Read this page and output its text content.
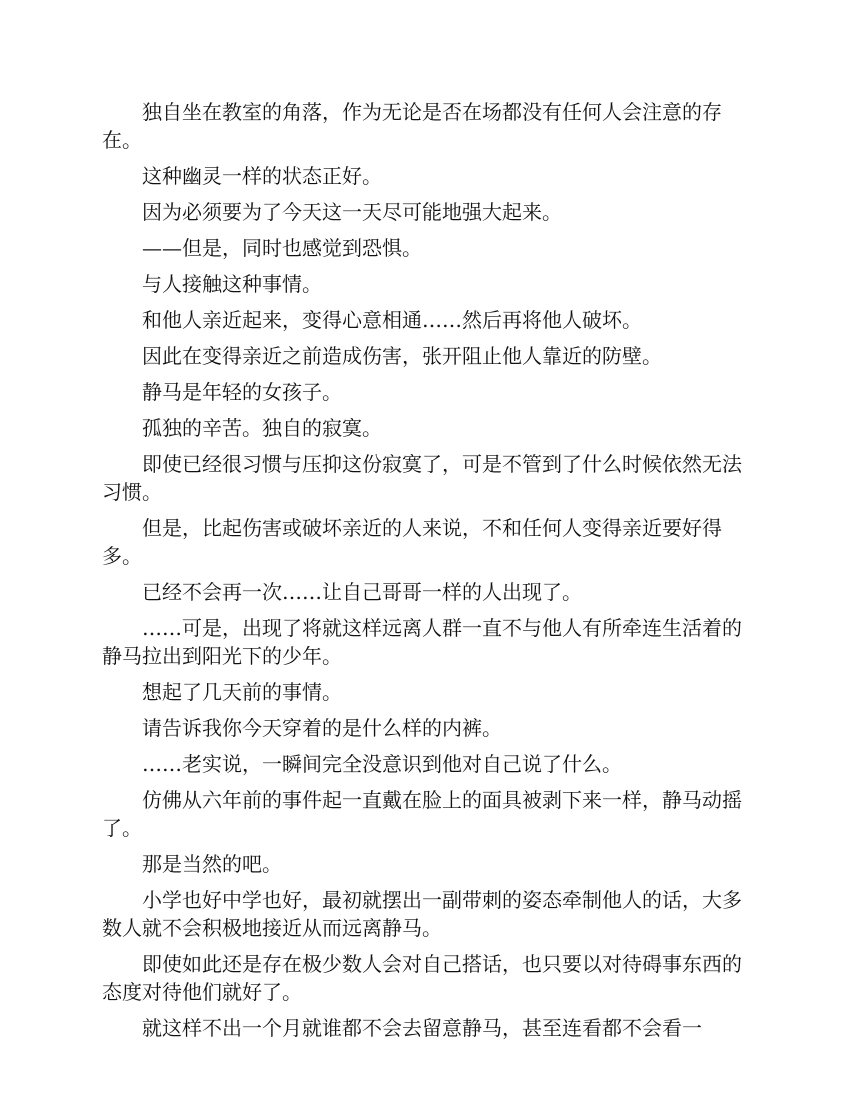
独自坐在教室的角落，作为无论是否在场都没有任何人会注意的存在。

这种幽灵一样的状态正好。

因为必须要为了今天这一天尽可能地强大起来。

——但是，同时也感觉到恐惧。

与人接触这种事情。

和他人亲近起来，变得心意相通……然后再将他人破坏。

因此在变得亲近之前造成伤害，张开阻止他人靠近的防壁。

静马是年轻的女孩子。

孤独的辛苦。独自的寂寞。

即使已经很习惯与压抑这份寂寞了，可是不管到了什么时候依然无法习惯。

但是，比起伤害或破坏亲近的人来说，不和任何人变得亲近要好得多。

已经不会再一次……让自己哥哥一样的人出现了。

……可是，出现了将就这样远离人群一直不与他人有所牵连生活着的静马拉出到阳光下的少年。

想起了几天前的事情。

请告诉我你今天穿着的是什么样的内裤。

……老实说，一瞬间完全没意识到他对自己说了什么。

仿佛从六年前的事件起一直戴在脸上的面具被剥下来一样，静马动摇了。

那是当然的吧。

小学也好中学也好，最初就摆出一副带刺的姿态牵制他人的话，大多数人就不会积极地接近从而远离静马。

即使如此还是存在极少数人会对自己搭话，也只要以对待碍事东西的态度对待他们就好了。

就这样不出一个月就谁都不会去留意静马，甚至连看都不会看一
